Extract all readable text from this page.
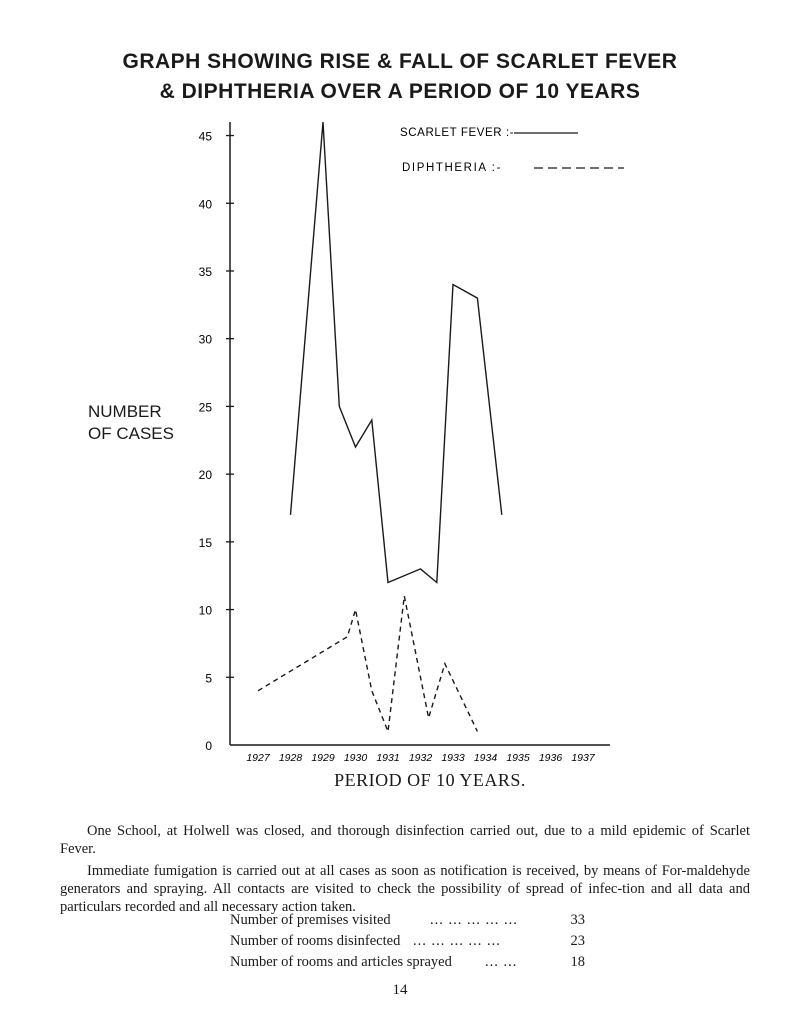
GRAPH SHOWING RISE & FALL OF SCARLET FEVER
& DIPHTHERIA OVER A PERIOD OF 10 YEARS
0
5
10
15
20
25
30
35
40
45
1927 1928 1929 1930 1931 1932 1933 1934 1935 1936 1937
SCARLET FEVER :-
DIPHTHERIA :-
NUMBER
OF CASES
PERIOD OF 10 YEARS.

One School, at Holwell was closed, and thorough disinfection carried out, due to a mild epidemic of Scarlet Fever.

Immediate fumigation is carried out at all cases as soon as notification is received, by means of For-maldehyde generators and spraying. All contacts are visited to check the possibility of spread of infec-tion and all data and particulars recorded and all necessary action taken.

Number of premises visited	... ... ... ... ...	33
Number of rooms disinfected ... ... ... ... ...	23
Number of rooms and articles sprayed ... ...	18
14
